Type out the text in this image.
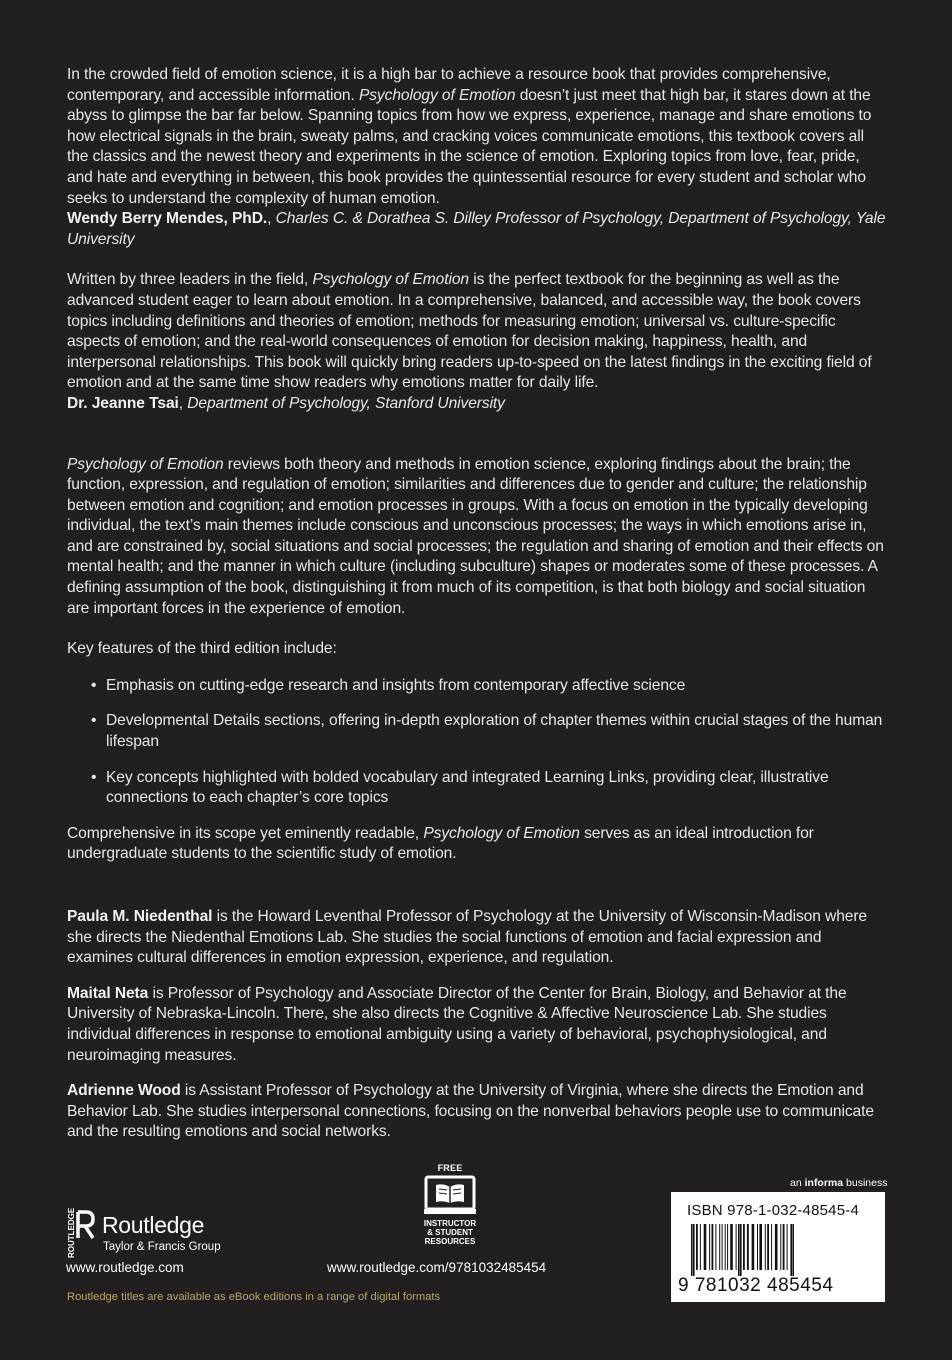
In the crowded field of emotion science, it is a high bar to achieve a resource book that provides comprehensive, contemporary, and accessible information. Psychology of Emotion doesn’t just meet that high bar, it stares down at the abyss to glimpse the bar far below. Spanning topics from how we express, experience, manage and share emotions to how electrical signals in the brain, sweaty palms, and cracking voices communicate emotions, this textbook covers all the classics and the newest theory and experiments in the science of emotion. Exploring topics from love, fear, pride, and hate and everything in between, this book provides the quintessential resource for every student and scholar who seeks to understand the complexity of human emotion.

Wendy Berry Mendes, PhD., Charles C. & Dorathea S. Dilley Professor of Psychology, Department of Psychology, Yale University

Written by three leaders in the field, Psychology of Emotion is the perfect textbook for the beginning as well as the advanced student eager to learn about emotion. In a comprehensive, balanced, and accessible way, the book covers topics including definitions and theories of emotion; methods for measuring emotion; universal vs. culture-specific aspects of emotion; and the real-world consequences of emotion for decision making, happiness, health, and interpersonal relationships. This book will quickly bring readers up-to-speed on the latest findings in the exciting field of emotion and at the same time show readers why emotions matter for daily life.

Dr. Jeanne Tsai, Department of Psychology, Stanford University

Psychology of Emotion reviews both theory and methods in emotion science, exploring findings about the brain; the function, expression, and regulation of emotion; similarities and differences due to gender and culture; the relationship between emotion and cognition; and emotion processes in groups. With a focus on emotion in the typically developing individual, the text’s main themes include conscious and unconscious processes; the ways in which emotions arise in, and are constrained by, social situations and social processes; the regulation and sharing of emotion and their effects on mental health; and the manner in which culture (including subculture) shapes or moderates some of these processes. A defining assumption of the book, distinguishing it from much of its competition, is that both biology and social situation are important forces in the experience of emotion.

Key features of the third edition include:

• Emphasis on cutting-edge research and insights from contemporary affective science
• Developmental Details sections, offering in-depth exploration of chapter themes within crucial stages of the human lifespan
• Key concepts highlighted with bolded vocabulary and integrated Learning Links, providing clear, illustrative connections to each chapter’s core topics

Comprehensive in its scope yet eminently readable, Psychology of Emotion serves as an ideal introduction for undergraduate students to the scientific study of emotion.

Paula M. Niedenthal is the Howard Leventhal Professor of Psychology at the University of Wisconsin-Madison where she directs the Niedenthal Emotions Lab. She studies the social functions of emotion and facial expression and examines cultural differences in emotion expression, experience, and regulation.

Maital Neta is Professor of Psychology and Associate Director of the Center for Brain, Biology, and Behavior at the University of Nebraska-Lincoln. There, she also directs the Cognitive & Affective Neuroscience Lab. She studies individual differences in response to emotional ambiguity using a variety of behavioral, psychophysiological, and neuroimaging measures.

Adrienne Wood is Assistant Professor of Psychology at the University of Virginia, where she directs the Emotion and Behavior Lab. She studies interpersonal connections, focusing on the nonverbal behaviors people use to communicate and the resulting emotions and social networks.

ROUTLEDGE Routledge
Taylor & Francis Group
www.routledge.com
FREE
INSTRUCTOR
& STUDENT
RESOURCES
www.routledge.com/9781032485454
an informa business
ISBN 978-1-032-48545-4
9 781032 485454
Routledge titles are available as eBook editions in a range of digital formats
